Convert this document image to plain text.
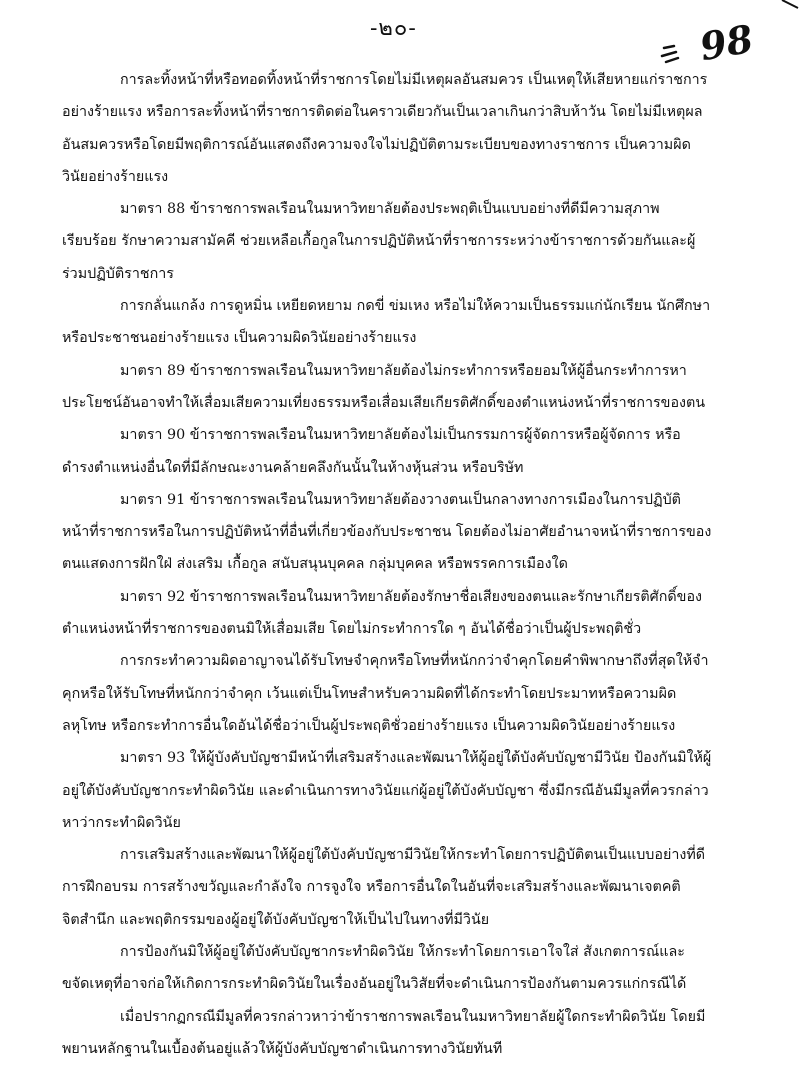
-๒๐-	98

การละทิ้งหน้าที่หรือทอดทิ้งหน้าที่ราชการโดยไม่มีเหตุผลอันสมควร เป็นเหตุให้เสียหายแก่ราชการอย่างร้ายแรง หรือการละทิ้งหน้าที่ราชการติดต่อในคราวเดียวกันเป็นเวลาเกินกว่าสิบห้าวัน โดยไม่มีเหตุผลอันสมควรหรือโดยมีพฤติการณ์อันแสดงถึงความจงใจไม่ปฏิบัติตามระเบียบของทางราชการ เป็นความผิดวินัยอย่างร้ายแรง

มาตรา 88 ข้าราชการพลเรือนในมหาวิทยาลัยต้องประพฤติเป็นแบบอย่างที่ดีมีความสุภาพเรียบร้อย รักษาความสามัคคี ช่วยเหลือเกื้อกูลในการปฏิบัติหน้าที่ราชการระหว่างข้าราชการด้วยกันและผู้ร่วมปฏิบัติราชการ

การกลั่นแกล้ง การดูหมิ่น เหยียดหยาม กดขี่ ข่มเหง หรือไม่ให้ความเป็นธรรมแก่นักเรียน นักศึกษา หรือประชาชนอย่างร้ายแรง เป็นความผิดวินัยอย่างร้ายแรง

มาตรา 89 ข้าราชการพลเรือนในมหาวิทยาลัยต้องไม่กระทำการหรือยอมให้ผู้อื่นกระทำการหาประโยชน์อันอาจทำให้เสื่อมเสียความเที่ยงธรรมหรือเสื่อมเสียเกียรติศักดิ์ของตำแหน่งหน้าที่ราชการของตน

มาตรา 90 ข้าราชการพลเรือนในมหาวิทยาลัยต้องไม่เป็นกรรมการผู้จัดการหรือผู้จัดการ หรือดำรงตำแหน่งอื่นใดที่มีลักษณะงานคล้ายคลึงกันนั้นในห้างหุ้นส่วน หรือบริษัท

มาตรา 91 ข้าราชการพลเรือนในมหาวิทยาลัยต้องวางตนเป็นกลางทางการเมืองในการปฏิบัติหน้าที่ราชการหรือในการปฏิบัติหน้าที่อื่นที่เกี่ยวข้องกับประชาชน โดยต้องไม่อาศัยอำนาจหน้าที่ราชการของตนแสดงการฝักใฝ่ ส่งเสริม เกื้อกูล สนับสนุนบุคคล กลุ่มบุคคล หรือพรรคการเมืองใด

มาตรา 92 ข้าราชการพลเรือนในมหาวิทยาลัยต้องรักษาชื่อเสียงของตนและรักษาเกียรติศักดิ์ของตำแหน่งหน้าที่ราชการของตนมิให้เสื่อมเสีย โดยไม่กระทำการใด ๆ อันได้ชื่อว่าเป็นผู้ประพฤติชั่ว

การกระทำความผิดอาญาจนได้รับโทษจำคุกหรือโทษที่หนักกว่าจำคุกโดยคำพิพากษาถึงที่สุดให้จำคุกหรือให้รับโทษที่หนักกว่าจำคุก เว้นแต่เป็นโทษสำหรับความผิดที่ได้กระทำโดยประมาทหรือความผิดลหุโทษ หรือกระทำการอื่นใดอันได้ชื่อว่าเป็นผู้ประพฤติชั่วอย่างร้ายแรง เป็นความผิดวินัยอย่างร้ายแรง

มาตรา 93 ให้ผู้บังคับบัญชามีหน้าที่เสริมสร้างและพัฒนาให้ผู้อยู่ใต้บังคับบัญชามีวินัย ป้องกันมิให้ผู้อยู่ใต้บังคับบัญชากระทำผิดวินัย และดำเนินการทางวินัยแก่ผู้อยู่ใต้บังคับบัญชา ซึ่งมีกรณีอันมีมูลที่ควรกล่าวหาว่ากระทำผิดวินัย

การเสริมสร้างและพัฒนาให้ผู้อยู่ใต้บังคับบัญชามีวินัยให้กระทำโดยการปฏิบัติตนเป็นแบบอย่างที่ดี การฝึกอบรม การสร้างขวัญและกำลังใจ การจูงใจ หรือการอื่นใดในอันที่จะเสริมสร้างและพัฒนาเจตคติ จิตสำนึก และพฤติกรรมของผู้อยู่ใต้บังคับบัญชาให้เป็นไปในทางที่มีวินัย

การป้องกันมิให้ผู้อยู่ใต้บังคับบัญชากระทำผิดวินัย ให้กระทำโดยการเอาใจใส่ สังเกตการณ์และขจัดเหตุที่อาจก่อให้เกิดการกระทำผิดวินัยในเรื่องอันอยู่ในวิสัยที่จะดำเนินการป้องกันตามควรแก่กรณีได้

เมื่อปรากฏกรณีมีมูลที่ควรกล่าวหาว่าข้าราชการพลเรือนในมหาวิทยาลัยผู้ใดกระทำผิดวินัย โดยมีพยานหลักฐานในเบื้องต้นอยู่แล้วให้ผู้บังคับบัญชาดำเนินการทางวินัยทันที
